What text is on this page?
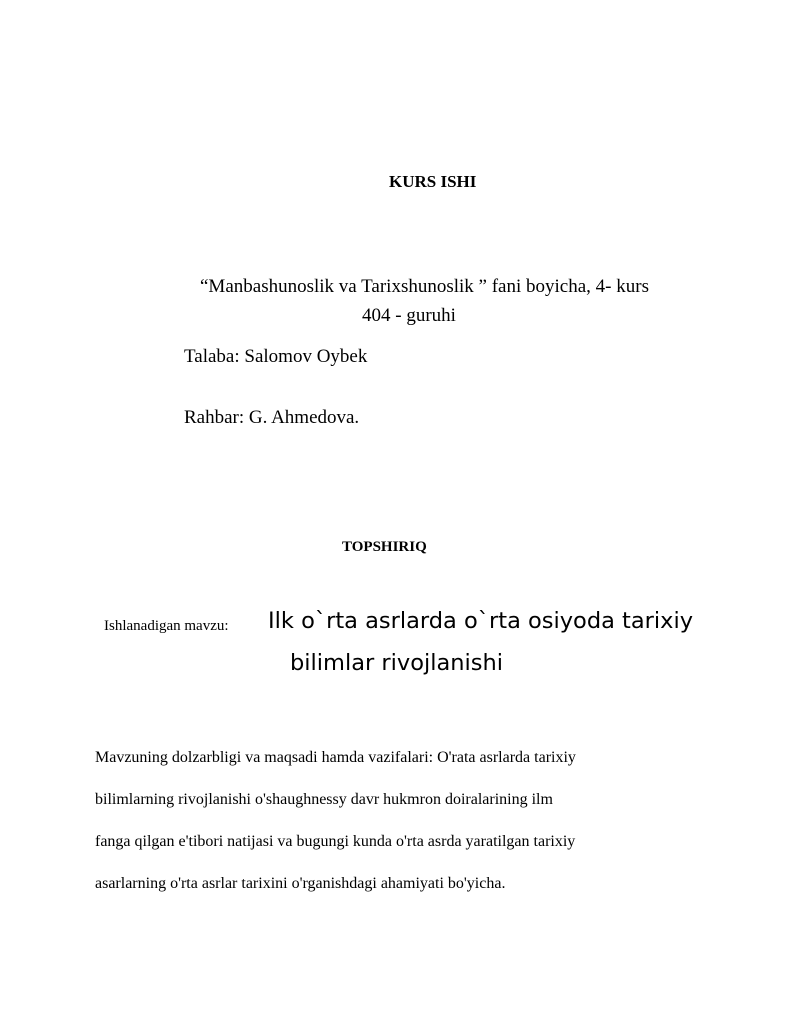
KURS ISHI
“Manbashunoslik va Tarixshunoslik ” fani boyicha, 4- kurs
404 - guruhi
Talaba: Salomov Oybek
Rahbar: G. Ahmedova.
TOPSHIRIQ
Ishlanadigan mavzu: Ilk o`rta asrlarda o`rta osiyoda tarixiy
bilimlar rivojlanishi
Mavzuning dolzarbligi va maqsadi hamda vazifalari: O'rata asrlarda tarixiy
bilimlarning rivojlanishi o'shaughnessy davr hukmron doiralarining ilm
fanga qilgan e'tibori natijasi va bugungi kunda o'rta asrda yaratilgan tarixiy
asarlarning o'rta asrlar tarixini o'rganishdagi ahamiyati bo'yicha.
